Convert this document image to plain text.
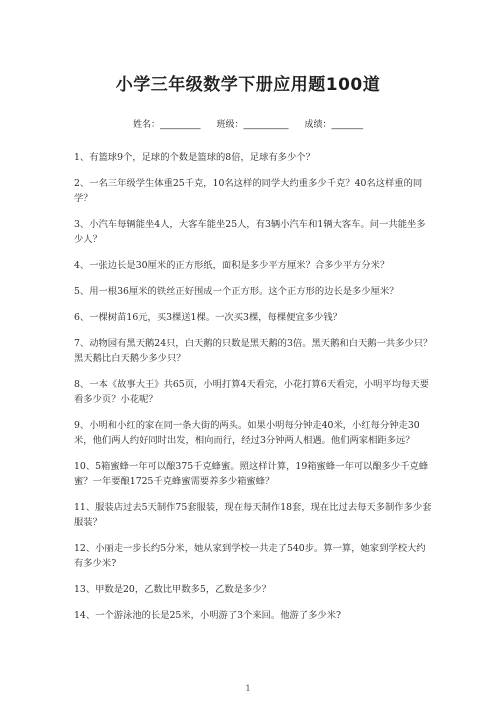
小学三年级数学下册应用题100道
姓名：_________ 班级：__________ 成绩：_______

1、有篮球9个，足球的个数是篮球的8倍，足球有多少个？

2、一名三年级学生体重25千克，10名这样的同学大约重多少千克？40名这样重的同学？

3、小汽车每辆能坐4人，大客车能坐25人，有3辆小汽车和1辆大客车。问一共能坐多少人？

4、一张边长是30厘米的正方形纸，面积是多少平方厘米？合多少平方分米？

5、用一根36厘米的铁丝正好围成一个正方形。这个正方形的边长是多少厘米？

6、一棵树苗16元，买3棵送1棵。一次买3棵，每棵便宜多少钱？

7、动物园有黑天鹅24只，白天鹅的只数是黑天鹅的3倍。黑天鹅和白天鹅一共多少只？黑天鹅比白天鹅少多少只？

8、一本《故事大王》共65页，小明打算4天看完，小花打算6天看完，小明平均每天要看多少页？小花呢？

9、小明和小红的家在同一条大街的两头。如果小明每分钟走40米，小红每分钟走30米，他们两人约好同时出发，相向而行，经过3分钟两人相遇。他们两家相距多远？

10、5箱蜜蜂一年可以酿375千克蜂蜜。照这样计算，19箱蜜蜂一年可以酿多少千克蜂蜜？一年要酿1725千克蜂蜜需要养多少箱蜜蜂？

11、服装店过去5天制作75套服装，现在每天制作18套，现在比过去每天多制作多少套服装？

12、小丽走一步长约5分米，她从家到学校一共走了540步。算一算，她家到学校大约有多少米?

13、甲数是20，乙数比甲数多5，乙数是多少？

14、一个游泳池的长是25米，小明游了3个来回。他游了多少米?

1
